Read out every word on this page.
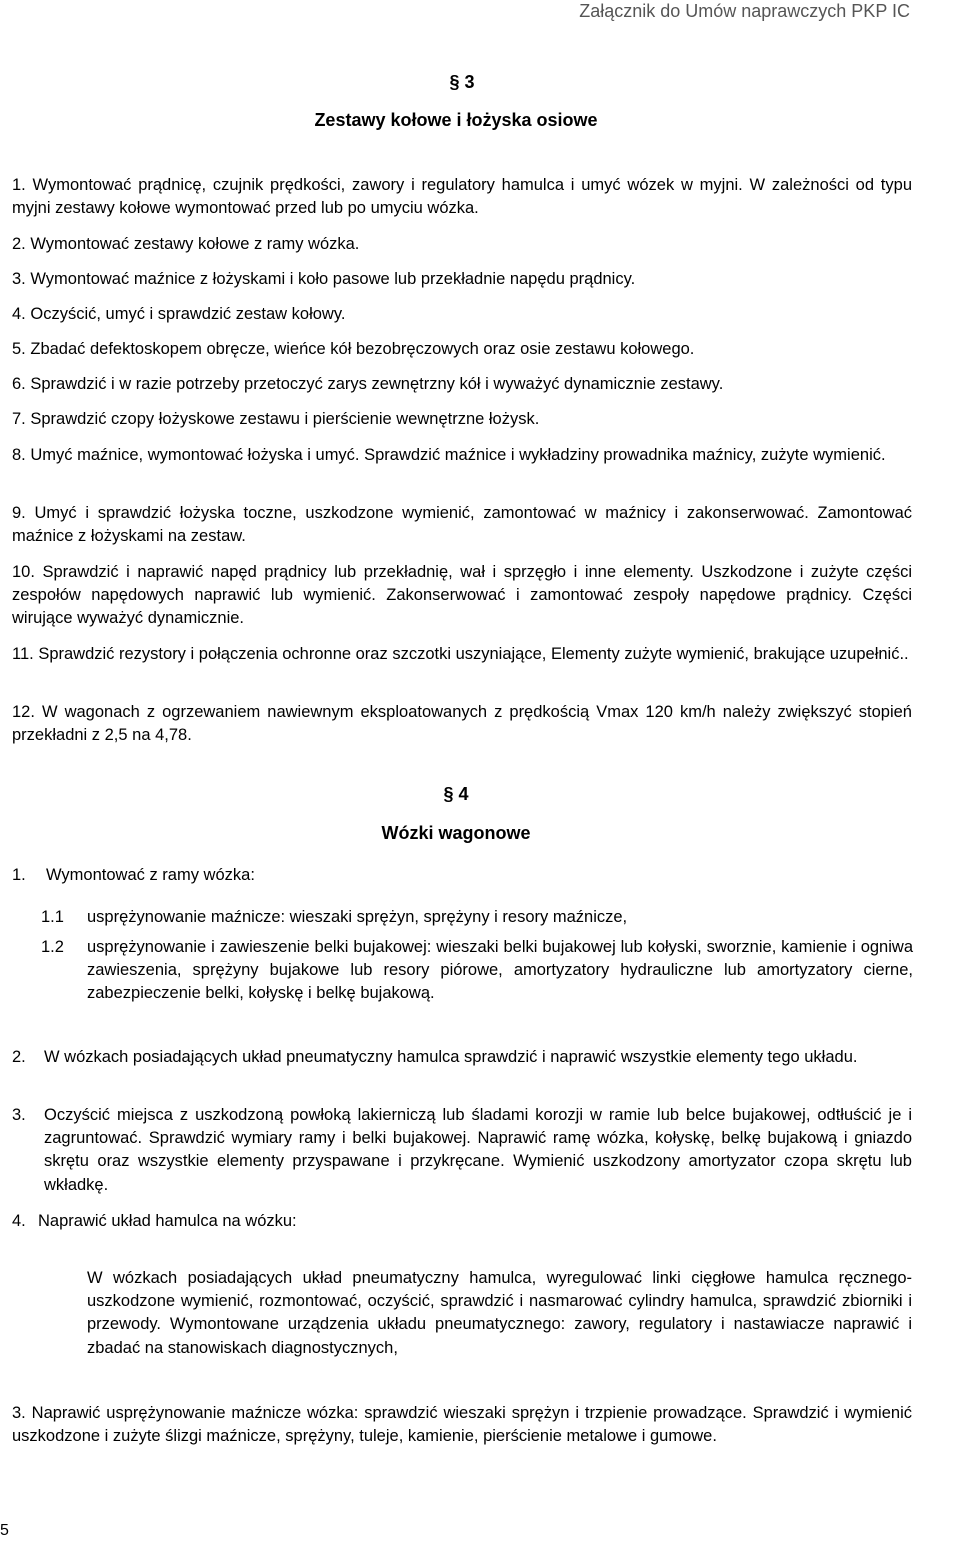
Załącznik do Umów naprawczych PKP IC
§ 3
Zestawy kołowe i łożyska osiowe
1. Wymontować prądnicę, czujnik prędkości, zawory i regulatory hamulca i umyć wózek w myjni. W zależności od typu myjni zestawy kołowe wymontować przed lub po umyciu wózka.
2. Wymontować zestawy kołowe z ramy wózka.
3. Wymontować maźnice z łożyskami i koło pasowe lub przekładnie napędu prądnicy.
4. Oczyścić, umyć i sprawdzić zestaw kołowy.
5. Zbadać defektoskopem obręcze, wieńce kół bezobręczowych oraz osie zestawu kołowego.
6. Sprawdzić i w razie potrzeby przetoczyć zarys zewnętrzny kół i wyważyć dynamicznie zestawy.
7. Sprawdzić czopy łożyskowe zestawu i pierścienie wewnętrzne łożysk.
8. Umyć maźnice, wymontować łożyska i umyć. Sprawdzić maźnice i wykładziny prowadnika maźnicy, zużyte wymienić.
9. Umyć i sprawdzić łożyska toczne, uszkodzone wymienić, zamontować w maźnicy i zakonserwować. Zamontować maźnice z łożyskami na zestaw.
10. Sprawdzić i naprawić napęd prądnicy lub przekładnię, wał i sprzęgło i inne elementy. Uszkodzone i zużyte części zespołów napędowych naprawić lub wymienić. Zakonserwować i zamontować zespoły napędowe prądnicy. Części wirujące wyważyć dynamicznie.
11. Sprawdzić rezystory i połączenia ochronne oraz szczotki uszyniające, Elementy zużyte wymienić, brakujące uzupełnić..
12. W wagonach z ogrzewaniem nawiewnym eksploatowanych z prędkością Vmax 120 km/h należy zwiększyć stopień przekładni z 2,5 na 4,78.
§ 4
Wózki wagonowe
1. Wymontować z ramy wózka:
1.1 usprężynowanie maźnicze: wieszaki sprężyn, sprężyny i resory maźnicze,
1.2 usprężynowanie i zawieszenie belki bujakowej: wieszaki belki bujakowej lub kołyski, sworznie, kamienie i ogniwa zawieszenia, sprężyny bujakowe lub resory piórowe, amortyzatory hydrauliczne lub amortyzatory cierne, zabezpieczenie belki, kołyskę i belkę bujakową.
2. W wózkach posiadających układ pneumatyczny hamulca sprawdzić i naprawić wszystkie elementy tego układu.
3. Oczyścić miejsca z uszkodzoną powłoką lakierniczą lub śladami korozji w ramie lub belce bujakowej, odtłuścić je i zagruntować. Sprawdzić wymiary ramy i belki bujakowej. Naprawić ramę wózka, kołyskę, belkę bujakową i gniazdo skrętu oraz wszystkie elementy przyspawane i przykręcane. Wymienić uszkodzony amortyzator czopa skrętu lub wkładkę.
4. Naprawić układ hamulca na wózku:
W wózkach posiadających układ pneumatyczny hamulca, wyregulować linki cięgłowe hamulca ręcznego-uszkodzone wymienić, rozmontować, oczyścić, sprawdzić i nasmarować cylindry hamulca, sprawdzić zbiorniki i przewody. Wymontowane urządzenia układu pneumatycznego: zawory, regulatory i nastawiacze naprawić i zbadać na stanowiskach diagnostycznych,
3. Naprawić usprężynowanie maźnicze wózka: sprawdzić wieszaki sprężyn i trzpienie prowadzące. Sprawdzić i wymienić uszkodzone i zużyte ślizgi maźnicze, sprężyny, tuleje, kamienie, pierścienie metalowe i gumowe.
5
